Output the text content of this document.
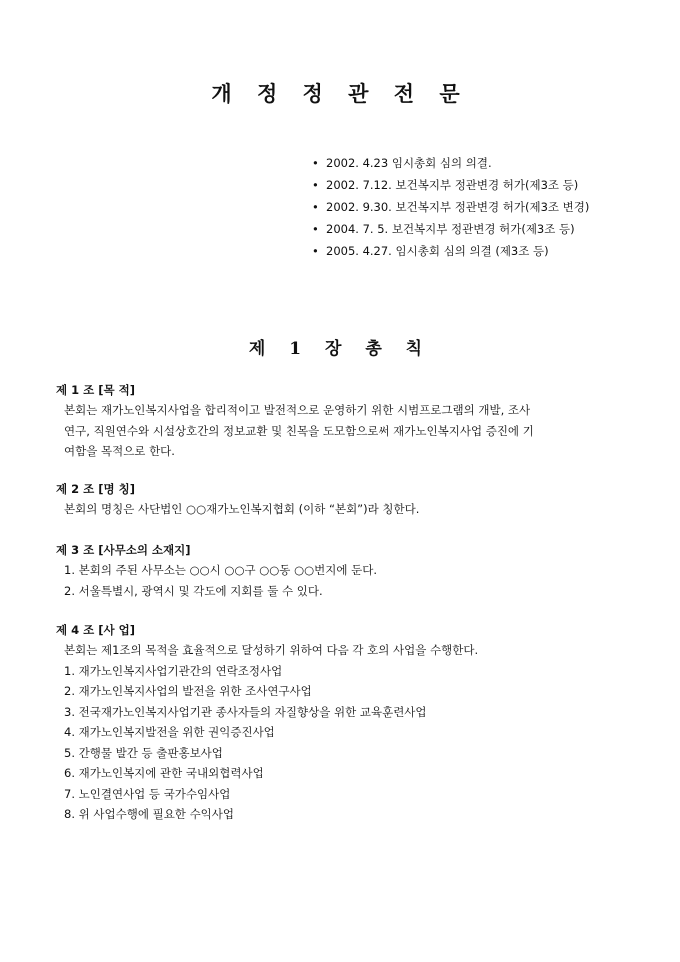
개 정 정 관 전 문
• 2002. 4.23 임시총회 심의 의결.
• 2002. 7.12. 보건복지부 정관변경 허가(제3조 등)
• 2002. 9.30. 보건복지부 정관변경 허가(제3조 변경)
• 2004. 7. 5. 보건복지부 정관변경 허가(제3조 등)
• 2005. 4.27. 임시총회 심의 의결 (제3조 등)
제 1 장 총 칙
제 1 조 [목 적]
본회는 재가노인복지사업을 합리적이고 발전적으로 운영하기 위한 시범프로그램의 개발, 조사
연구, 직원연수와 시설상호간의 정보교환 및 친목을 도모함으로써 재가노인복지사업 증진에 기
여함을 목적으로 한다.
제 2 조 [명 칭]
본회의 명칭은 사단법인 ○○재가노인복지협회 (이하 “본회”)라 칭한다.
제 3 조 [사무소의 소재지]
1. 본회의 주된 사무소는 ○○시 ○○구 ○○동 ○○번지에 둔다.
2. 서울특별시, 광역시 및 각도에 지회를 둘 수 있다.
제 4 조 [사 업]
본회는 제1조의 목적을 효율적으로 달성하기 위하여 다음 각 호의 사업을 수행한다.
1. 재가노인복지사업기관간의 연락조정사업
2. 재가노인복지사업의 발전을 위한 조사연구사업
3. 전국재가노인복지사업기관 종사자들의 자질향상을 위한 교육훈련사업
4. 재가노인복지발전을 위한 권익증진사업
5. 간행물 발간 등 출판홍보사업
6. 재가노인복지에 관한 국내외협력사업
7. 노인결연사업 등 국가수임사업
8. 위 사업수행에 필요한 수익사업
